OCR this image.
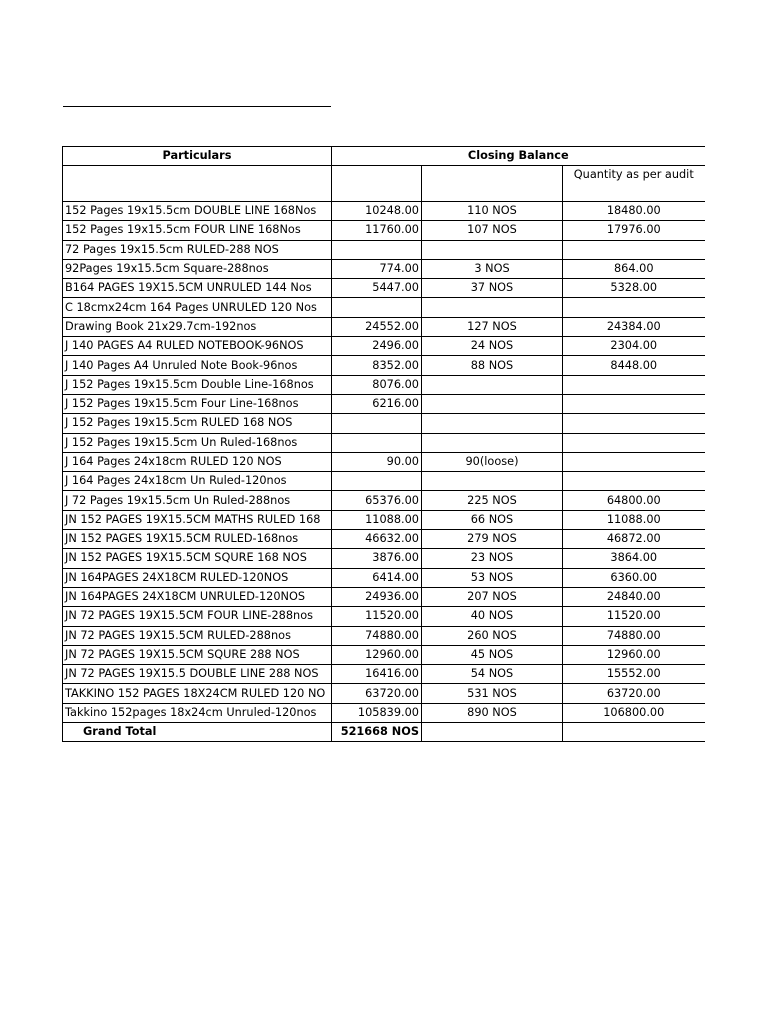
Particulars	Closing Balance		
			Quantity as per audit
152 Pages 19x15.5cm DOUBLE LINE 168Nos	10248.00	110 NOS	18480.00
152 Pages 19x15.5cm FOUR LINE 168Nos	11760.00	107 NOS	17976.00
72 Pages 19x15.5cm RULED-288 NOS			
92Pages 19x15.5cm Square-288nos	774.00	3 NOS	864.00
B164 PAGES 19X15.5CM UNRULED 144 Nos	5447.00	37 NOS	5328.00
C 18cmx24cm 164 Pages UNRULED 120 Nos			
Drawing Book 21x29.7cm-192nos	24552.00	127 NOS	24384.00
J 140 PAGES A4 RULED NOTEBOOK-96NOS	2496.00	24 NOS	2304.00
J 140 Pages A4 Unruled Note Book-96nos	8352.00	88 NOS	8448.00
J 152 Pages 19x15.5cm Double Line-168nos	8076.00		
J 152 Pages 19x15.5cm Four Line-168nos	6216.00		
J 152 Pages 19x15.5cm RULED 168 NOS			
J 152 Pages 19x15.5cm Un Ruled-168nos			
J 164 Pages 24x18cm RULED 120 NOS	90.00	90(loose)	
J 164 Pages 24x18cm Un Ruled-120nos			
J 72 Pages 19x15.5cm Un Ruled-288nos	65376.00	225 NOS	64800.00
JN 152 PAGES 19X15.5CM MATHS RULED 168	11088.00	66 NOS	11088.00
JN 152 PAGES 19X15.5CM RULED-168nos	46632.00	279 NOS	46872.00
JN 152 PAGES 19X15.5CM SQURE 168 NOS	3876.00	23 NOS	3864.00
JN 164PAGES 24X18CM RULED-120NOS	6414.00	53 NOS	6360.00
JN 164PAGES 24X18CM UNRULED-120NOS	24936.00	207 NOS	24840.00
JN 72 PAGES 19X15.5CM FOUR LINE-288nos	11520.00	40 NOS	11520.00
JN 72 PAGES 19X15.5CM RULED-288nos	74880.00	260 NOS	74880.00
JN 72 PAGES 19X15.5CM SQURE 288 NOS	12960.00	45 NOS	12960.00
JN 72 PAGES 19X15.5 DOUBLE LINE 288 NOS	16416.00	54 NOS	15552.00
TAKKINO 152 PAGES 18X24CM RULED 120 NO	63720.00	531 NOS	63720.00
Takkino 152pages 18x24cm Unruled-120nos	105839.00	890 NOS	106800.00
Grand Total	521668 NOS		
